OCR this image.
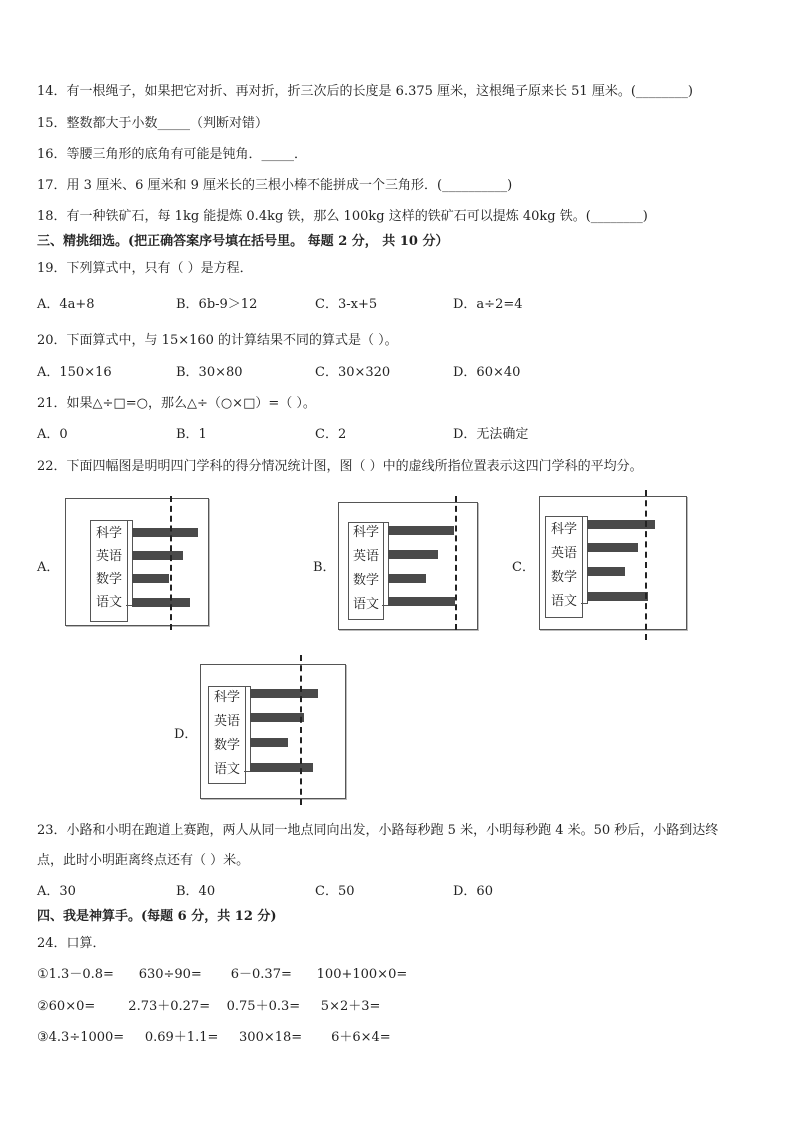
14．有一根绳子，如果把它对折、再对折，折三次后的长度是 6.375 厘米，这根绳子原来长 51 厘米。(________)
15．整数都大于小数_____（判断对错）
16．等腰三角形的底角有可能是钝角．_____．
17．用 3 厘米、6 厘米和 9 厘米长的三根小棒不能拼成一个三角形．(__________)
18．有一种铁矿石，每 1kg 能提炼 0.4kg 铁，那么 100kg 这样的铁矿石可以提炼 40kg 铁。(________)
三、精挑细选。(把正确答案序号填在括号里。 每题 2 分， 共 10 分）
19．下列算式中，只有（ ）是方程．
A．4a+8	B．6b-9＞12	C．3-x+5	D．a÷2=4
20．下面算式中，与 15×160 的计算结果不同的算式是（ ）。
A．150×16	B．30×80	C．30×320	D．60×40
21．如果△÷□=○，那么△÷（○×□）=（ ）。
A．0	B．1	C．2	D．无法确定
22．下面四幅图是明明四门学科的得分情况统计图，图（ ）中的虚线所指位置表示这四门学科的平均分。
A．
科学
英语
数学
语文
B．
科学
英语
数学
语文
C．
科学
英语
数学
语文
D．
科学
英语
数学
语文
23．小路和小明在跑道上赛跑，两人从同一地点同向出发，小路每秒跑 5 米，小明每秒跑 4 米。50 秒后，小路到达终
点，此时小明距离终点还有（ ）米。
A．30	B．40	C．50	D．60
四、我是神算手。(每题 6 分，共 12 分)
24．口算．
①1.3－0.8=      630÷90=       6－0.37=      100+100×0=
②60×0=        2.73＋0.27=    0.75＋0.3=     5×2＋3=
③4.3÷1000=     0.69＋1.1=     300×18=       6＋6×4=
